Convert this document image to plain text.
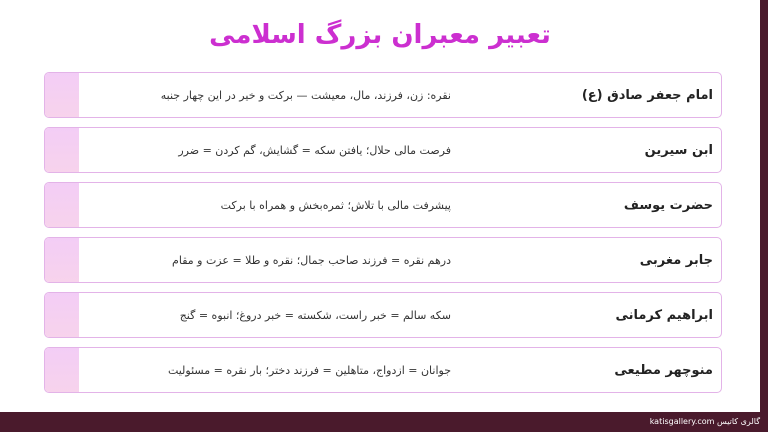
تعبیر معبران بزرگ اسلامی
نقره: زن، فرزند، مال، معیشت — برکت و خیر در این چهار جنبه	امام جعفر صادق (ع)
فرصت مالی حلال؛ یافتن سکه = گشایش، گم کردن = ضرر	ابن سیرین
پیشرفت مالی با تلاش؛ ثمره‌بخش و همراه با برکت	حضرت یوسف
درهم نقره = فرزند صاحب جمال؛ نقره و طلا = عزت و مقام	جابر مغربی
سکه سالم = خبر راست، شکسته = خبر دروغ؛ انبوه = گنج	ابراهیم کرمانی
جوانان = ازدواج، متاهلین = فرزند دختر؛ بار نقره = مسئولیت	منوچهر مطیعی
گالری کاتیس katisgallery.com
